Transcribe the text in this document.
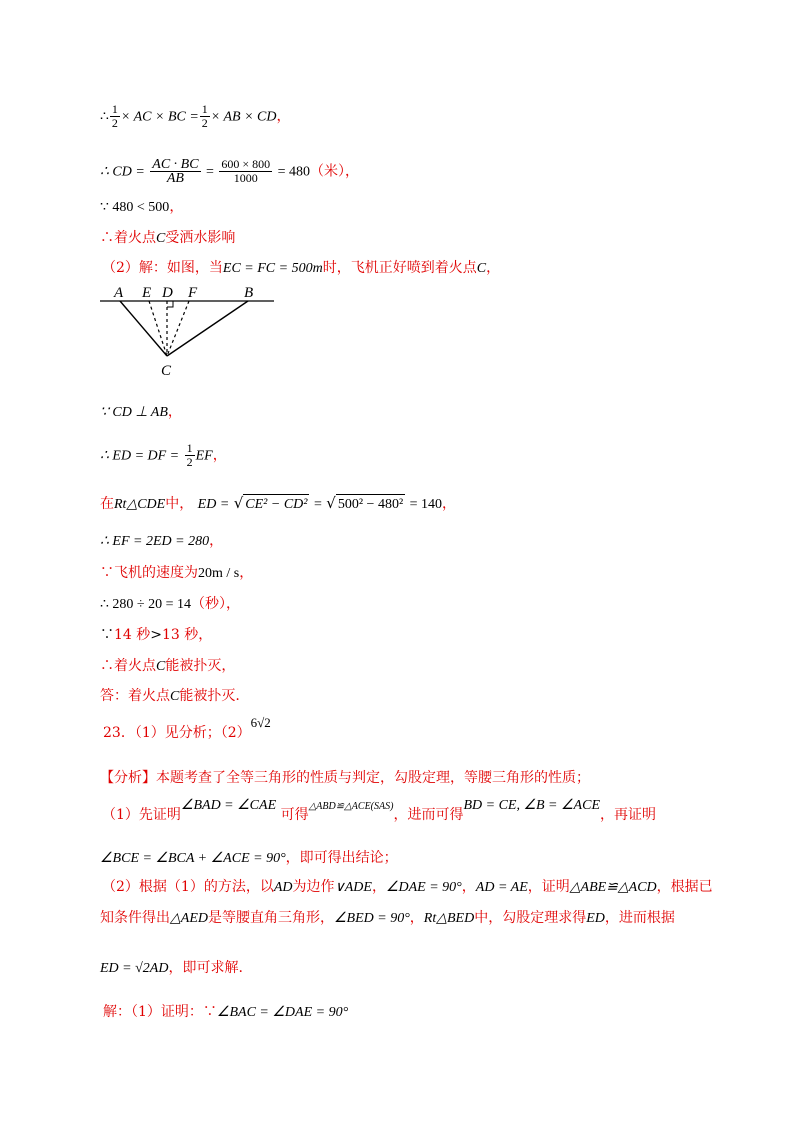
∴ $\frac{1}{2}$ × AC × BC = $\frac{1}{2}$ × AB × CD，
∴ CD = $\frac{AC \cdot BC}{AB} = \frac{600 \times 800}{1000} = 480$（米），
∵ 480 < 500，
∴着火点C受洒水影响
（2）解：如图，当EC = FC = 500m时，飞机正好喷到着火点C，
A E D F	B
C
∵ CD ⊥ AB，
∴ ED = DF = $\frac{1}{2}$ EF，
在Rt△CDE中， ED = √ CE² − CD² = √ 500² − 480² = 140，
∴ EF = 2ED = 280，
∵飞机的速度为20m / s，
∴ 280 ÷ 20 = 14（秒），
∵14 秒>13 秒，
∴着火点C能被扑灭，
答：着火点C能被扑灭.
23．（1）见分析；（2）6√2
【分析】本题考查了全等三角形的性质与判定，勾股定理，等腰三角形的性质；
（1）先证明∠BAD = ∠CAE 可得$^{\triangle ABD≌\triangle ACE(SAS)}$，进而可得BD = CE, ∠B = ∠ACE，再证明
∠BCE = ∠BCA + ∠ACE = 90°，即可得出结论；
（2）根据（1）的方法，以AD为边作∨ADE，∠DAE = 90°，AD = AE，证明△ABE≌△ACD，根据已
知条件得出△AED是等腰直角三角形，∠BED = 90°，Rt△BED中，勾股定理求得ED，进而根据
ED = √2AD，即可求解.
解：（1）证明：∵∠BAC = ∠DAE = 90°
